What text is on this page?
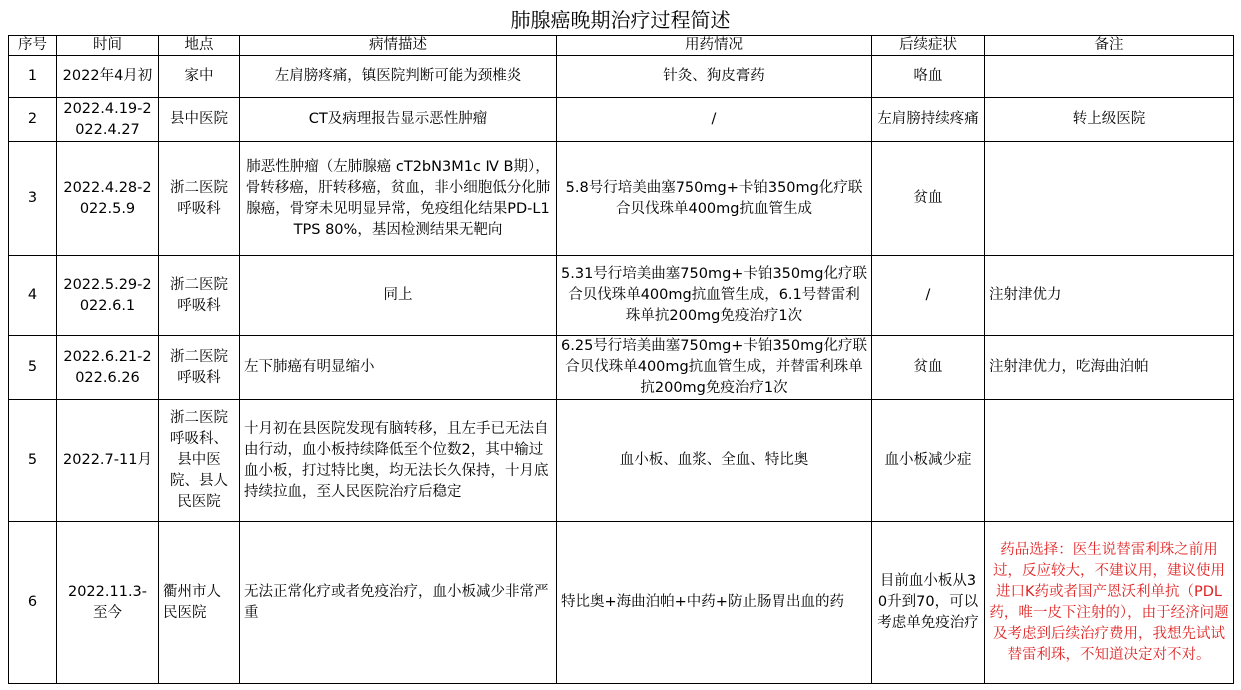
肺腺癌晚期治疗过程简述
序号	时间	地点	病情描述	用药情况	后续症状	备注
1	2022年4月初	家中	左肩膀疼痛，镇医院判断可能为颈椎炎	针灸、狗皮膏药	咯血	
2	2022.4.19-2022.4.27	县中医院	CT及病理报告显示恶性肿瘤	/	左肩膀持续疼痛	转上级医院
3	2022.4.28-2022.5.9	浙二医院呼吸科	肺恶性肿瘤（左肺腺癌 cT2bN3M1c Ⅳ B期），骨转移癌，肝转移癌，贫血，非小细胞低分化肺腺癌，骨穿未见明显异常，免疫组化结果PD-L1 TPS 80%，基因检测结果无靶向	5.8号行培美曲塞750mg+卡铂350mg化疗联合贝伐珠单400mg抗血管生成	贫血	
4	2022.5.29-2022.6.1	浙二医院呼吸科	同上	5.31号行培美曲塞750mg+卡铂350mg化疗联合贝伐珠单400mg抗血管生成，6.1号替雷利珠单抗200mg免疫治疗1次	/	注射津优力
5	2022.6.21-2022.6.26	浙二医院呼吸科	左下肺癌有明显缩小	6.25号行培美曲塞750mg+卡铂350mg化疗联合贝伐珠单400mg抗血管生成，并替雷利珠单抗200mg免疫治疗1次	贫血	注射津优力，吃海曲泊帕
5	2022.7-11月	浙二医院呼吸科、县中医院、县人民医院	十月初在县医院发现有脑转移，且左手已无法自由行动，血小板持续降低至个位数2，其中输过血小板，打过特比奥，均无法长久保持，十月底持续拉血，至人民医院治疗后稳定	血小板、血浆、全血、特比奥	血小板减少症	
6	2022.11.3-至今	衢州市人民医院	无法正常化疗或者免疫治疗，血小板减少非常严重	特比奥+海曲泊帕+中药+防止肠胃出血的药	目前血小板从30升到70，可以考虑单免疫治疗	药品选择：医生说替雷利珠之前用过，反应较大，不建议用，建议使用进口K药或者国产恩沃利单抗（PDL药，唯一皮下注射的），由于经济问题及考虑到后续治疗费用，我想先试试替雷利珠，不知道决定对不对。
